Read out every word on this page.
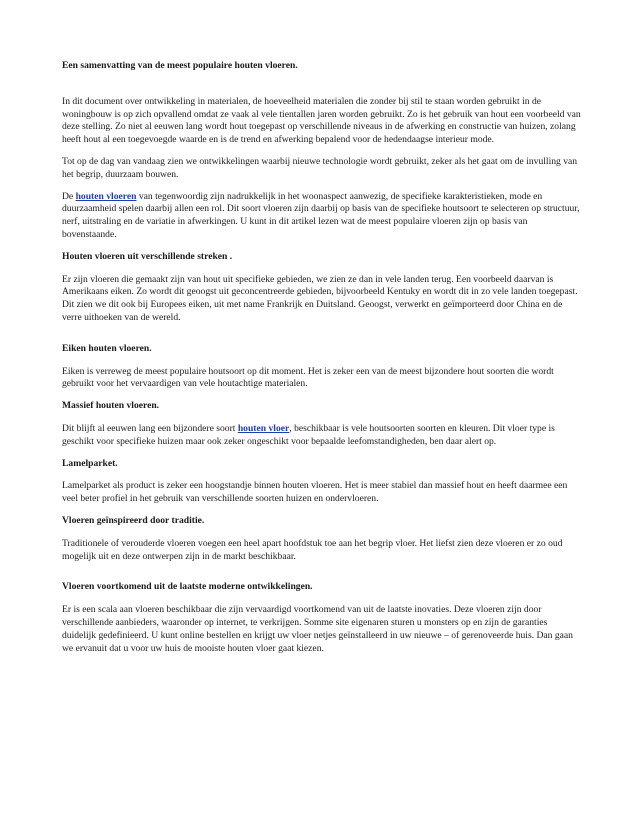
Een samenvatting van de meest populaire houten vloeren.

In dit document over ontwikkeling in materialen, de hoeveelheid materialen die zonder bij stil te staan worden gebruikt in de woningbouw is op zich opvallend omdat ze vaak al vele tientallen jaren worden gebruikt. Zo is het gebruik van hout een voorbeeld van deze stelling. Zo niet al eeuwen lang wordt hout toegepast op verschillende niveaus in de afwerking en constructie van huizen, zolang heeft hout al een toegevoegde waarde en is de trend en afwerking bepalend voor de hedendaagse interieur mode.

Tot op de dag van vandaag zien we ontwikkelingen waarbij nieuwe technologie wordt gebruikt, zeker als het gaat om de invulling van het begrip, duurzaam bouwen.

De houten vloeren van tegenwoordig zijn nadrukkelijk in het woonaspect aanwezig, de specifieke karakteristieken, mode en duurzaamheid spelen daarbij allen een rol. Dit soort vloeren zijn daarbij op basis van de specifieke houtsoort te selecteren op structuur, nerf, uitstraling en de variatie in afwerkingen. U kunt in dit artikel lezen wat de meest populaire vloeren zijn op basis van bovenstaande.

Houten vloeren uit verschillende streken .

Er zijn vloeren die gemaakt zijn van hout uit specifieke gebieden, we zien ze dan in vele landen terug. Een voorbeeld daarvan is Amerikaans eiken. Zo wordt dit geoogst uit geconcentreerde gebieden, bijvoorbeeld Kentuky en wordt dit in zo vele landen toegepast. Dit zien we dit ook bij Europees eiken, uit met name Frankrijk en Duitsland. Geoogst, verwerkt en geïmporteerd door China en de verre uithoeken van de wereld.

Eiken houten vloeren.

Eiken is verreweg de meest populaire houtsoort op dit moment. Het is zeker een van de meest bijzondere hout soorten die wordt gebruikt voor het vervaardigen van vele houtachtige materialen.

Massief houten vloeren.

Dit blijft al eeuwen lang een bijzondere soort houten vloer, beschikbaar is vele houtsoorten soorten en kleuren. Dit vloer type is geschikt voor specifieke huizen maar ook zeker ongeschikt voor bepaalde leefomstandigheden, ben daar alert op.

Lamelparket.

Lamelparket als product is zeker een hoogstandje binnen houten vloeren. Het is meer stabiel dan massief hout en heeft daarmee een veel beter profiel in het gebruik van verschillende soorten huizen en ondervloeren.

Vloeren geïnspireerd door traditie.

Traditionele of verouderde vloeren voegen een heel apart hoofdstuk toe aan het begrip vloer. Het liefst zien deze vloeren er zo oud mogelijk uit en deze ontwerpen zijn in de markt beschikbaar.

Vloeren voortkomend uit de laatste moderne ontwikkelingen.

Er is een scala aan vloeren beschikbaar die zijn vervaardigd voortkomend van uit de laatste inovaties. Deze vloeren zijn door verschillende aanbieders, waaronder op internet, te verkrijgen. Somme site eigenaren sturen u monsters op en zijn de garanties duidelijk gedefinieerd. U kunt online bestellen en krijgt uw vloer netjes geïnstalleerd in uw nieuwe – of gerenoveerde huis. Dan gaan we ervanuit dat u voor uw huis de mooiste houten vloer gaat kiezen.
